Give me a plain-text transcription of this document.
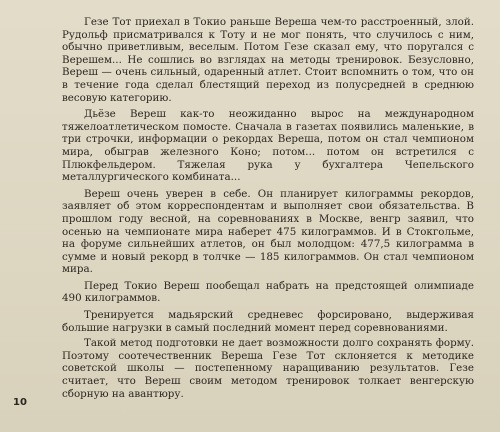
Гезе Тот приехал в Токио раньше Вереша чем-то расстроенный, злой. Рудольф присматривался к Тоту и не мог понять, что случилось с ним, обычно приветливым, веселым. Потом Гезе сказал ему, что поругался с Верешем... Не сошлись во взглядах на методы тренировок. Безусловно, Вереш — очень сильный, одаренный атлет. Стоит вспомнить о том, что он в течение года сделал блестящий переход из полусредней в среднюю весовую категорию.

Дьёзе Вереш как-то неожиданно вырос на международном тяжелоатлетическом помосте. Сначала в газетах появились маленькие, в три строчки, информации о рекордах Вереша, потом он стал чемпионом мира, обыграв железного Коно; потом... потом он встретился с Плюкфельдером. Тяжелая рука у бухгалтера Чепельского металлургического комбината...

Вереш очень уверен в себе. Он планирует килограммы рекордов, заявляет об этом корреспондентам и выполняет свои обязательства. В прошлом году весной, на соревнованиях в Москве, венгр заявил, что осенью на чемпионате мира наберет 475 килограммов. И в Стокгольме, на форуме сильнейших атлетов, он был молодцом: 477,5 килограмма в сумме и новый рекорд в толчке — 185 килограммов. Он стал чемпионом мира.

Перед Токио Вереш пообещал набрать на предстоящей олимпиаде 490 килограммов.

Тренируется мадьярский средневес форсировано, выдерживая большие нагрузки в самый последний момент перед соревнованиями.

Такой метод подготовки не дает возможности долго сохранять форму. Поэтому соотечественник Вереша Гезе Тот склоняется к методике советской школы — постепенному наращиванию результатов. Гезе считает, что Вереш своим методом тренировок толкает венгерскую сборную на авантюру.

10
